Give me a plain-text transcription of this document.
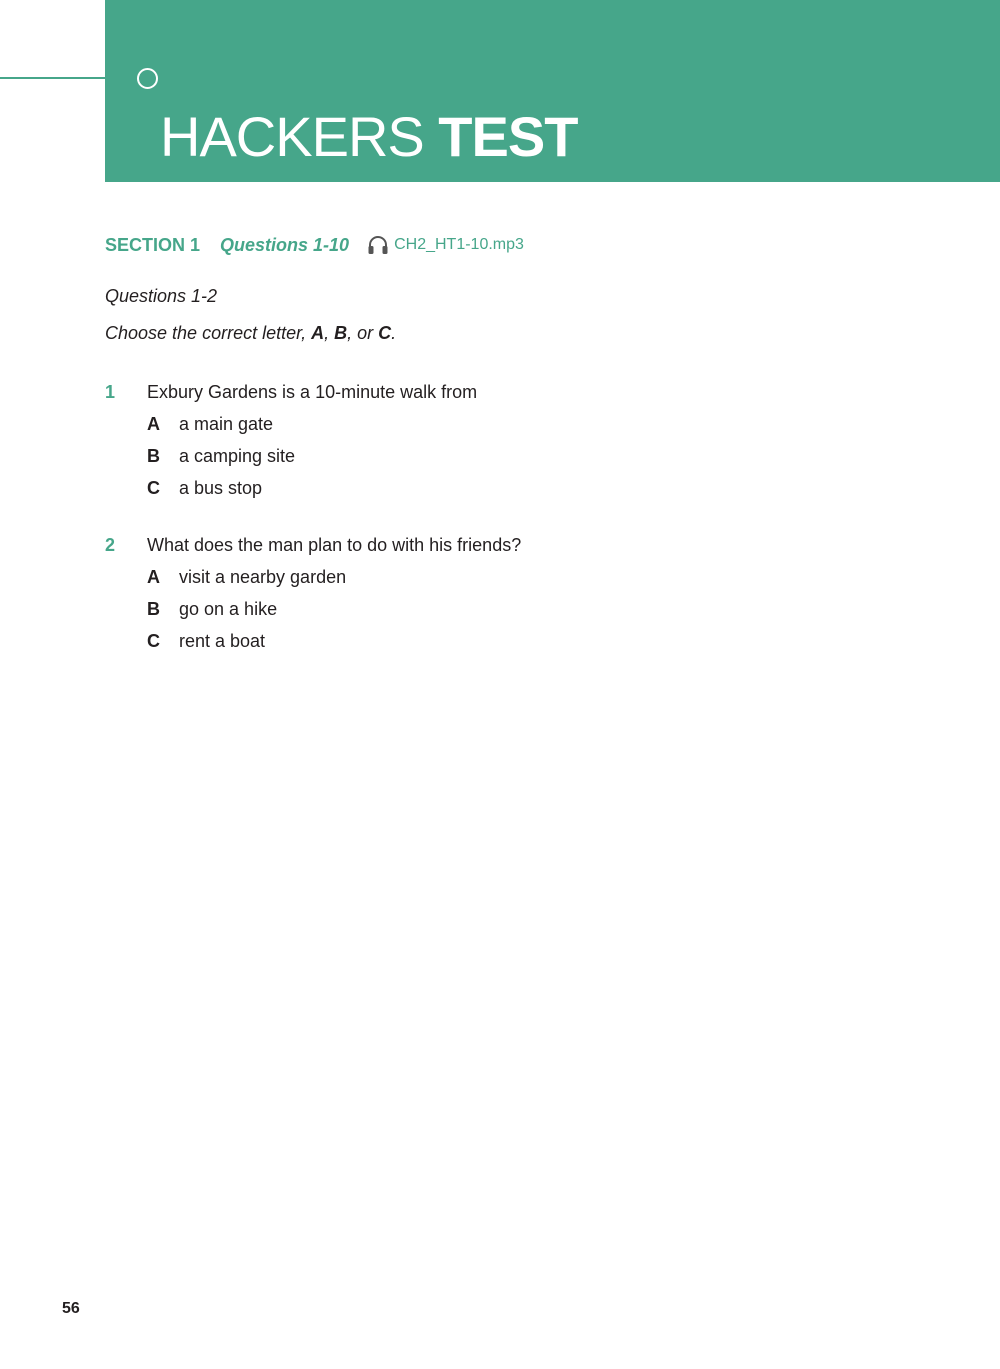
HACKERS TEST
SECTION 1 Questions 1-10	CH2_HT1-10.mp3

Questions 1-2

Choose the correct letter, A, B, or C.

1 Exbury Gardens is a 10-minute walk from
A a main gate
B a camping site
C a bus stop
2 What does the man plan to do with his friends?
A visit a nearby garden
B go on a hike
C rent a boat
56
